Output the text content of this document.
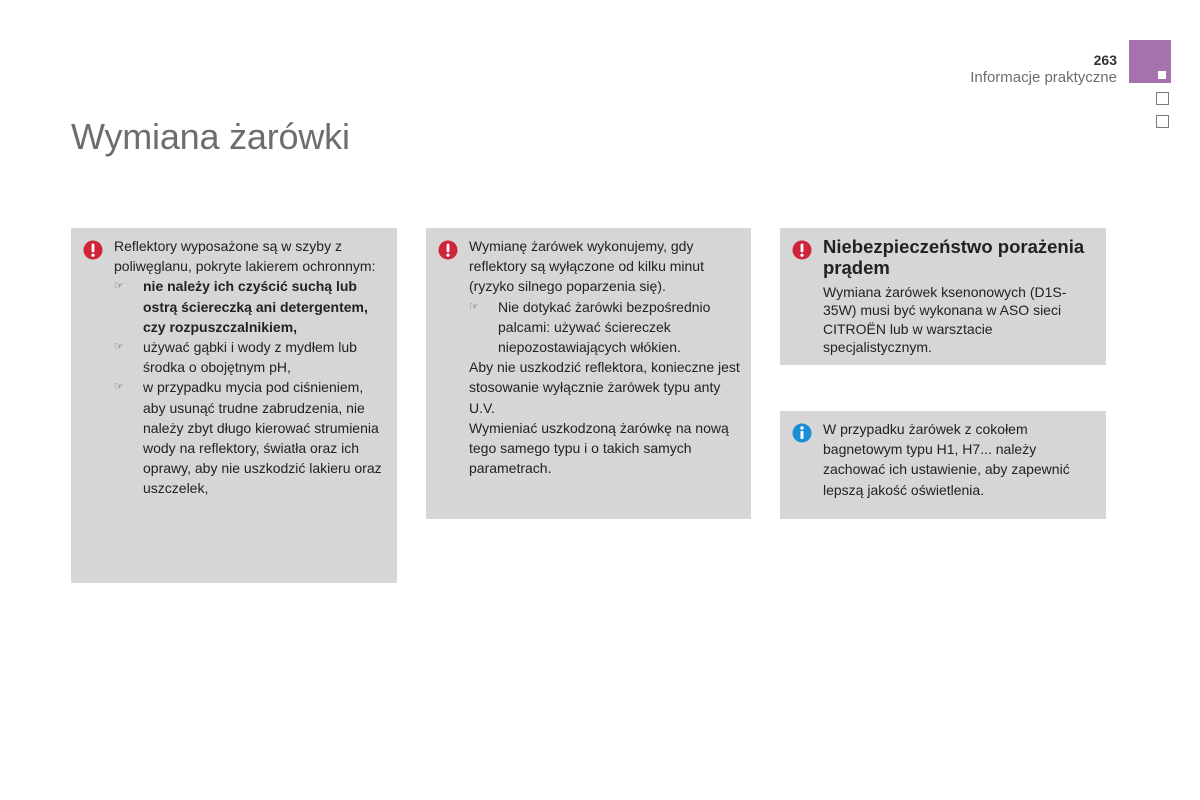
263
Informacje praktyczne
Wymiana żarówki

Reflektory wyposażone są w szyby z poliwęglanu, pokryte lakierem ochronnym:

☞	nie należy ich czyścić suchą lub ostrą ściereczką ani detergentem, czy rozpuszczalnikiem,
☞	używać gąbki i wody z mydłem lub środka o obojętnym pH,
☞	w przypadku mycia pod ciśnieniem, aby usunąć trudne zabrudzenia, nie należy zbyt długo kierować strumienia wody na reflektory, światła oraz ich oprawy, aby nie uszkodzić lakieru oraz uszczelek,

Wymianę żarówek wykonujemy, gdy reflektory są wyłączone od kilku minut (ryzyko silnego poparzenia się).

☞	Nie dotykać żarówki bezpośrednio palcami: używać ściereczek niepozostawiających włókien.

Aby nie uszkodzić reflektora, konieczne jest stosowanie wyłącznie żarówek typu anty U.V.

Wymieniać uszkodzoną żarówkę na nową tego samego typu i o takich samych parametrach.

Niebezpieczeństwo porażenia prądem

Wymiana żarówek ksenonowych (D1S-35W) musi być wykonana w ASO sieci CITROËN lub w warsztacie specjalistycznym.

W przypadku żarówek z cokołem bagnetowym typu H1, H7... należy zachować ich ustawienie, aby zapewnić lepszą jakość oświetlenia.
